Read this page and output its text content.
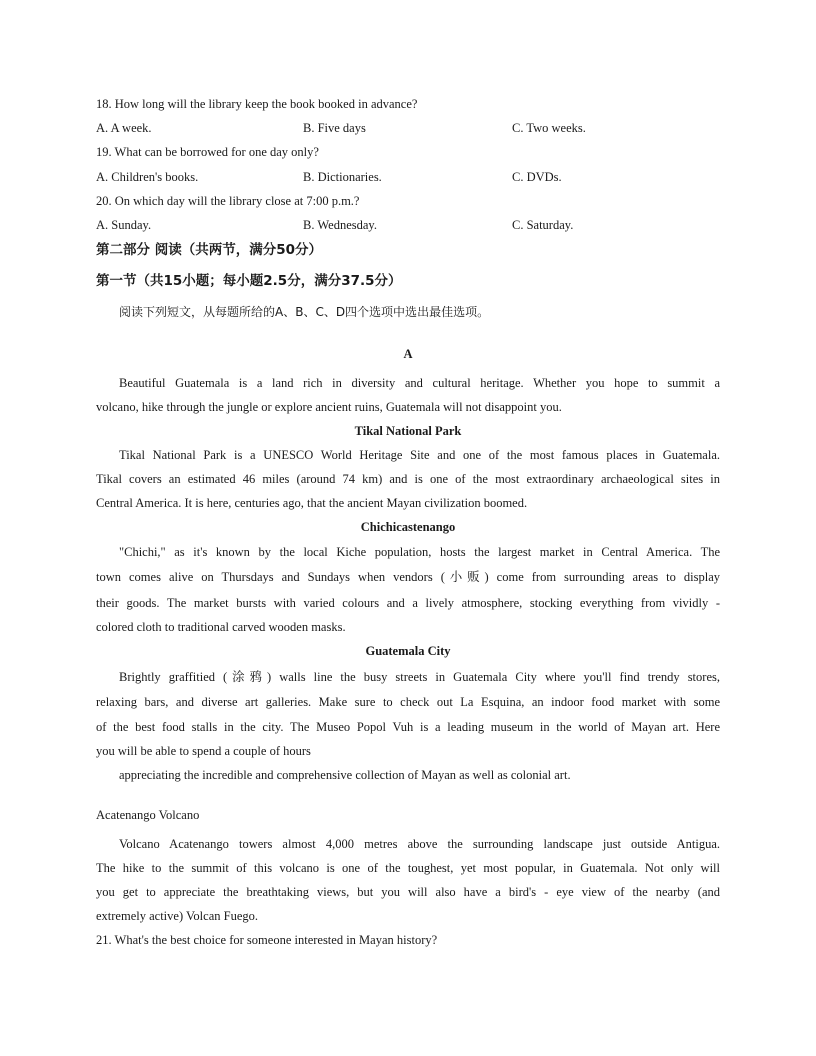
18. How long will the library keep the book booked in advance?
A. A week.	B. Five days	C. Two weeks.
19. What can be borrowed for one day only?
A. Children's books.	B. Dictionaries.	C. DVDs.
20. On which day will the library close at 7:00 p.m.?
A. Sunday.	B. Wednesday.	C. Saturday.
第二部分 阅读（共两节，满分50分）
第一节（共15小题；每小题2.5分，满分37.5分）
阅读下列短文，从每题所给的A、B、C、D四个选项中选出最佳选项。
A
Beautiful Guatemala is a land rich in diversity and cultural heritage. Whether you hope to summit a
volcano, hike through the jungle or explore ancient ruins, Guatemala will not disappoint you.
Tikal National Park
Tikal National Park is a UNESCO World Heritage Site and one of the most famous places in Guatemala.
Tikal covers an estimated 46 miles (around 74 km) and is one of the most extraordinary archaeological sites in
Central America. It is here, centuries ago, that the ancient Mayan civilization boomed.
Chichicastenango
"Chichi," as it's known by the local Kiche population, hosts the largest market in Central America. The
town comes alive on Thursdays and Sundays when vendors (小贩) come from surrounding areas to display
their goods. The market bursts with varied colours and a lively atmosphere, stocking everything from vividly -
colored cloth to traditional carved wooden masks.
Guatemala City
Brightly graffitied (涂鸦) walls line the busy streets in Guatemala City where you'll find trendy stores,
relaxing bars, and diverse art galleries. Make sure to check out La Esquina, an indoor food market with some
of the best food stalls in the city. The Museo Popol Vuh is a leading museum in the world of Mayan art. Here
you will be able to spend a couple of hours
appreciating the incredible and comprehensive collection of Mayan as well as colonial art.
Acatenango Volcano
Volcano Acatenango towers almost 4,000 metres above the surrounding landscape just outside Antigua.
The hike to the summit of this volcano is one of the toughest, yet most popular, in Guatemala. Not only will
you get to appreciate the breathtaking views, but you will also have a bird's - eye view of the nearby (and
extremely active) Volcan Fuego.
21. What's the best choice for someone interested in Mayan history?
